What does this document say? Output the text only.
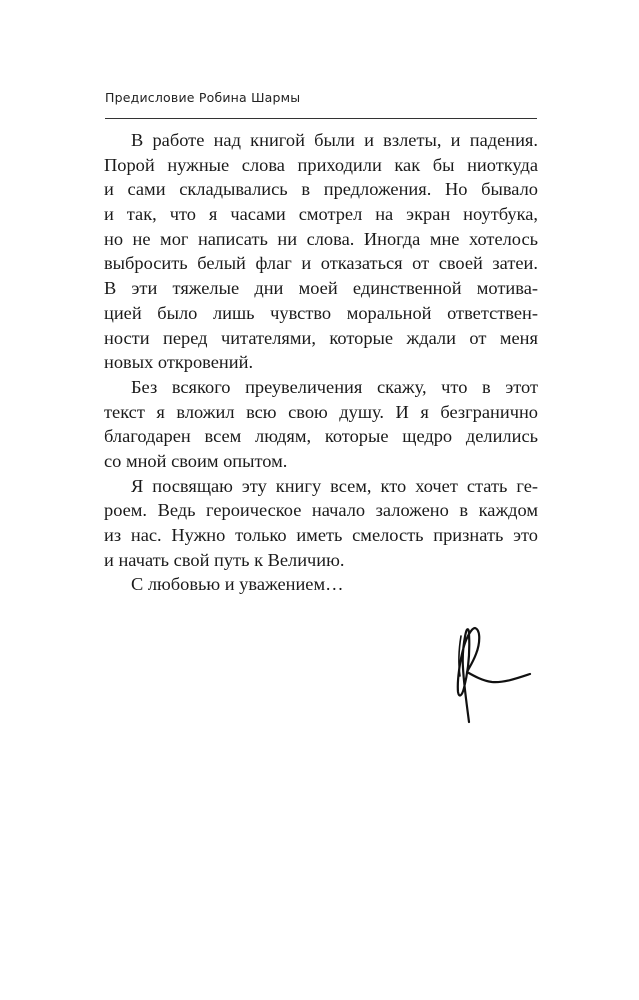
Предисловие Робина Шармы
В работе над книгой были и взлеты, и падения.
Порой нужные слова приходили как бы ниоткуда
и сами складывались в предложения. Но бывало
и так, что я часами смотрел на экран ноутбука,
но не мог написать ни слова. Иногда мне хотелось
выбросить белый флаг и отказаться от своей затеи.
В эти тяжелые дни моей единственной мотива-
цией было лишь чувство моральной ответствен-
ности перед читателями, которые ждали от меня
новых откровений.
Без всякого преувеличения скажу, что в этот
текст я вложил всю свою душу. И я безгранично
благодарен всем людям, которые щедро делились
со мной своим опытом.
Я посвящаю эту книгу всем, кто хочет стать ге-
роем. Ведь героическое начало заложено в каждом
из нас. Нужно только иметь смелость признать это
и начать свой путь к Величию.
С любовью и уважением…
